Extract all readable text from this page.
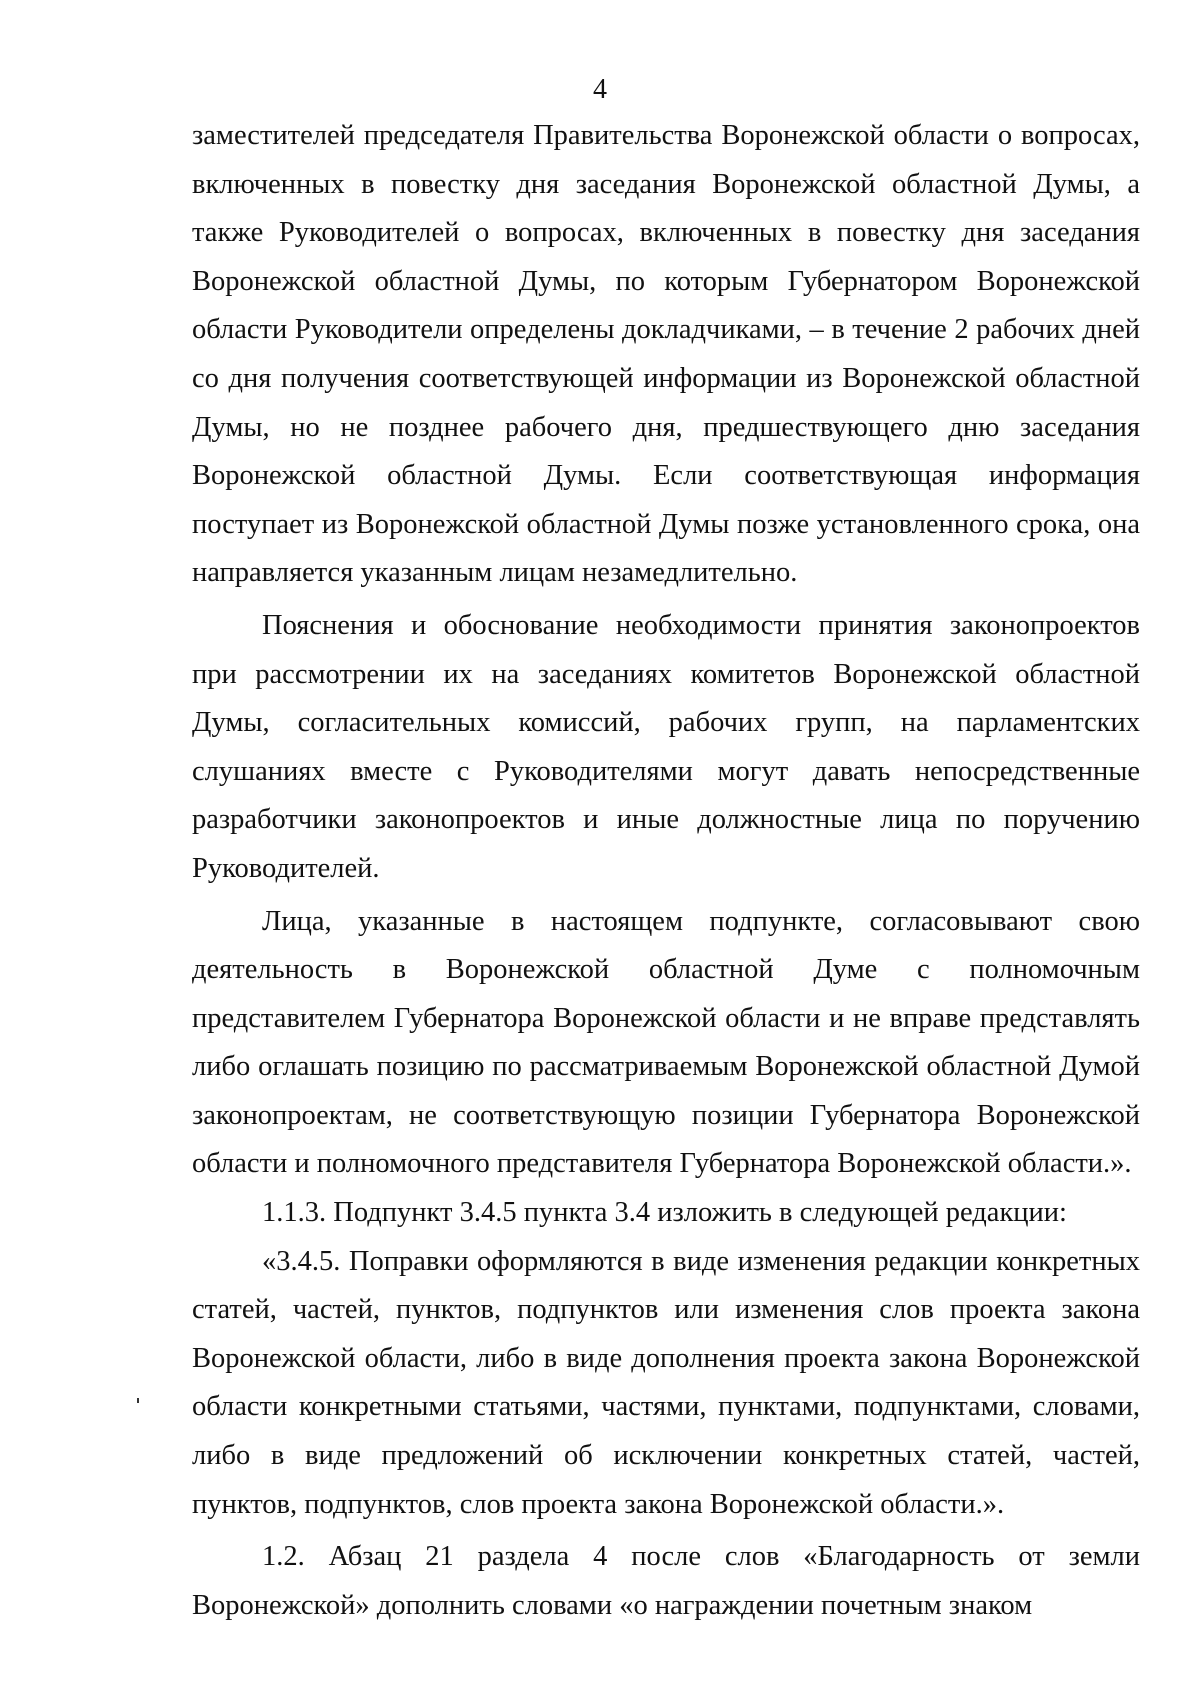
4

заместителей председателя Правительства Воронежской области о вопросах, включенных в повестку дня заседания Воронежской областной Думы, а также Руководителей о вопросах, включенных в повестку дня заседания Воронежской областной Думы, по которым Губернатором Воронежской области Руководители определены докладчиками, – в течение 2 рабочих дней со дня получения соответствующей информации из Воронежской областной Думы, но не позднее рабочего дня, предшествующего дню заседания Воронежской областной Думы. Если соответствующая информация поступает из Воронежской областной Думы позже установленного срока, она направляется указанным лицам незамедлительно.

Пояснения и обоснование необходимости принятия законопроектов при рассмотрении их на заседаниях комитетов Воронежской областной Думы, согласительных комиссий, рабочих групп, на парламентских слушаниях вместе с Руководителями могут давать непосредственные разработчики законопроектов и иные должностные лица по поручению Руководителей.

Лица, указанные в настоящем подпункте, согласовывают свою деятельность в Воронежской областной Думе с полномочным представителем Губернатора Воронежской области и не вправе представлять либо оглашать позицию по рассматриваемым Воронежской областной Думой законопроектам, не соответствующую позиции Губернатора Воронежской области и полномочного представителя Губернатора Воронежской области.».

1.1.3. Подпункт 3.4.5 пункта 3.4 изложить в следующей редакции:

«3.4.5. Поправки оформляются в виде изменения редакции конкретных статей, частей, пунктов, подпунктов или изменения слов проекта закона Воронежской области, либо в виде дополнения проекта закона Воронежской области конкретными статьями, частями, пунктами, подпунктами, словами, либо в виде предложений об исключении конкретных статей, частей, пунктов, подпунктов, слов проекта закона Воронежской области.».

1.2. Абзац 21 раздела 4 после слов «Благодарность от земли Воронежской» дополнить словами «о награждении почетным знаком
